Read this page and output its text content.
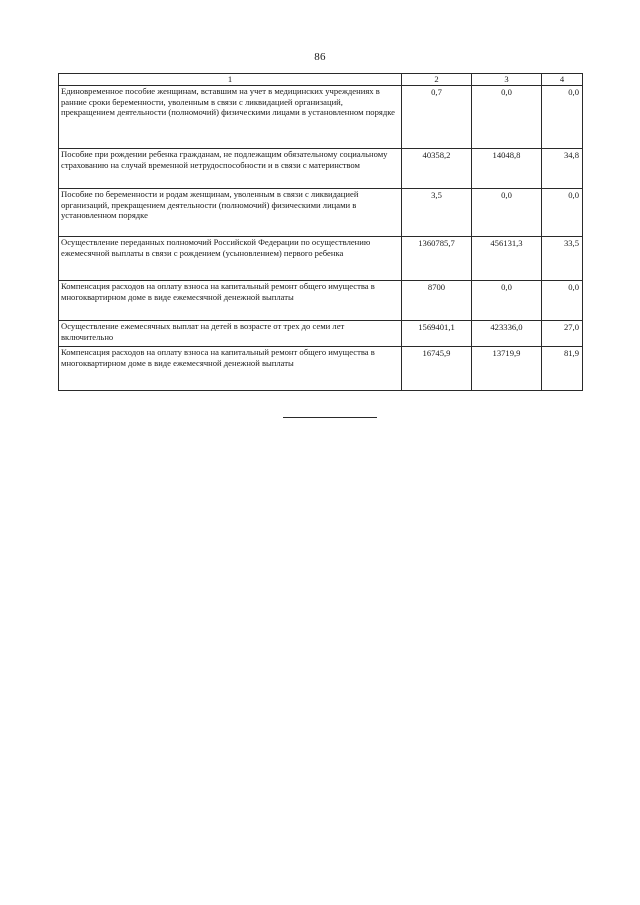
86
1	2	3	4
Единовременное пособие женщинам, вставшим на учет в медицинских учреждениях в ранние сроки беременности, уволенным в связи с ликвидацией организаций, прекращением деятельности (полномочий) физическими лицами в установленном порядке	0,7	0,0	0,0
Пособие при рождении ребенка гражданам, не подлежащим обязательному социальному страхованию на случай временной нетрудоспособности и в связи с материнством	40358,2	14048,8	34,8
Пособие по беременности и родам женщинам, уволенным в связи с ликвидацией организаций, прекращением деятельности (полномочий) физическими лицами в установленном порядке	3,5	0,0	0,0
Осуществление переданных полномочий Российской Федерации по осуществлению ежемесячной выплаты в связи с рождением (усыновлением) первого ребенка	1360785,7	456131,3	33,5
Компенсация расходов на оплату взноса на капитальный ремонт общего имущества в многоквартирном доме в виде ежемесячной денежной выплаты	8700	0,0	0,0
Осуществление ежемесячных выплат на детей в возрасте от трех до семи лет включительно	1569401,1	423336,0	27,0
Компенсация расходов на оплату взноса на капитальный ремонт общего имущества в многоквартирном доме в виде ежемесячной денежной выплаты	16745,9	13719,9	81,9
